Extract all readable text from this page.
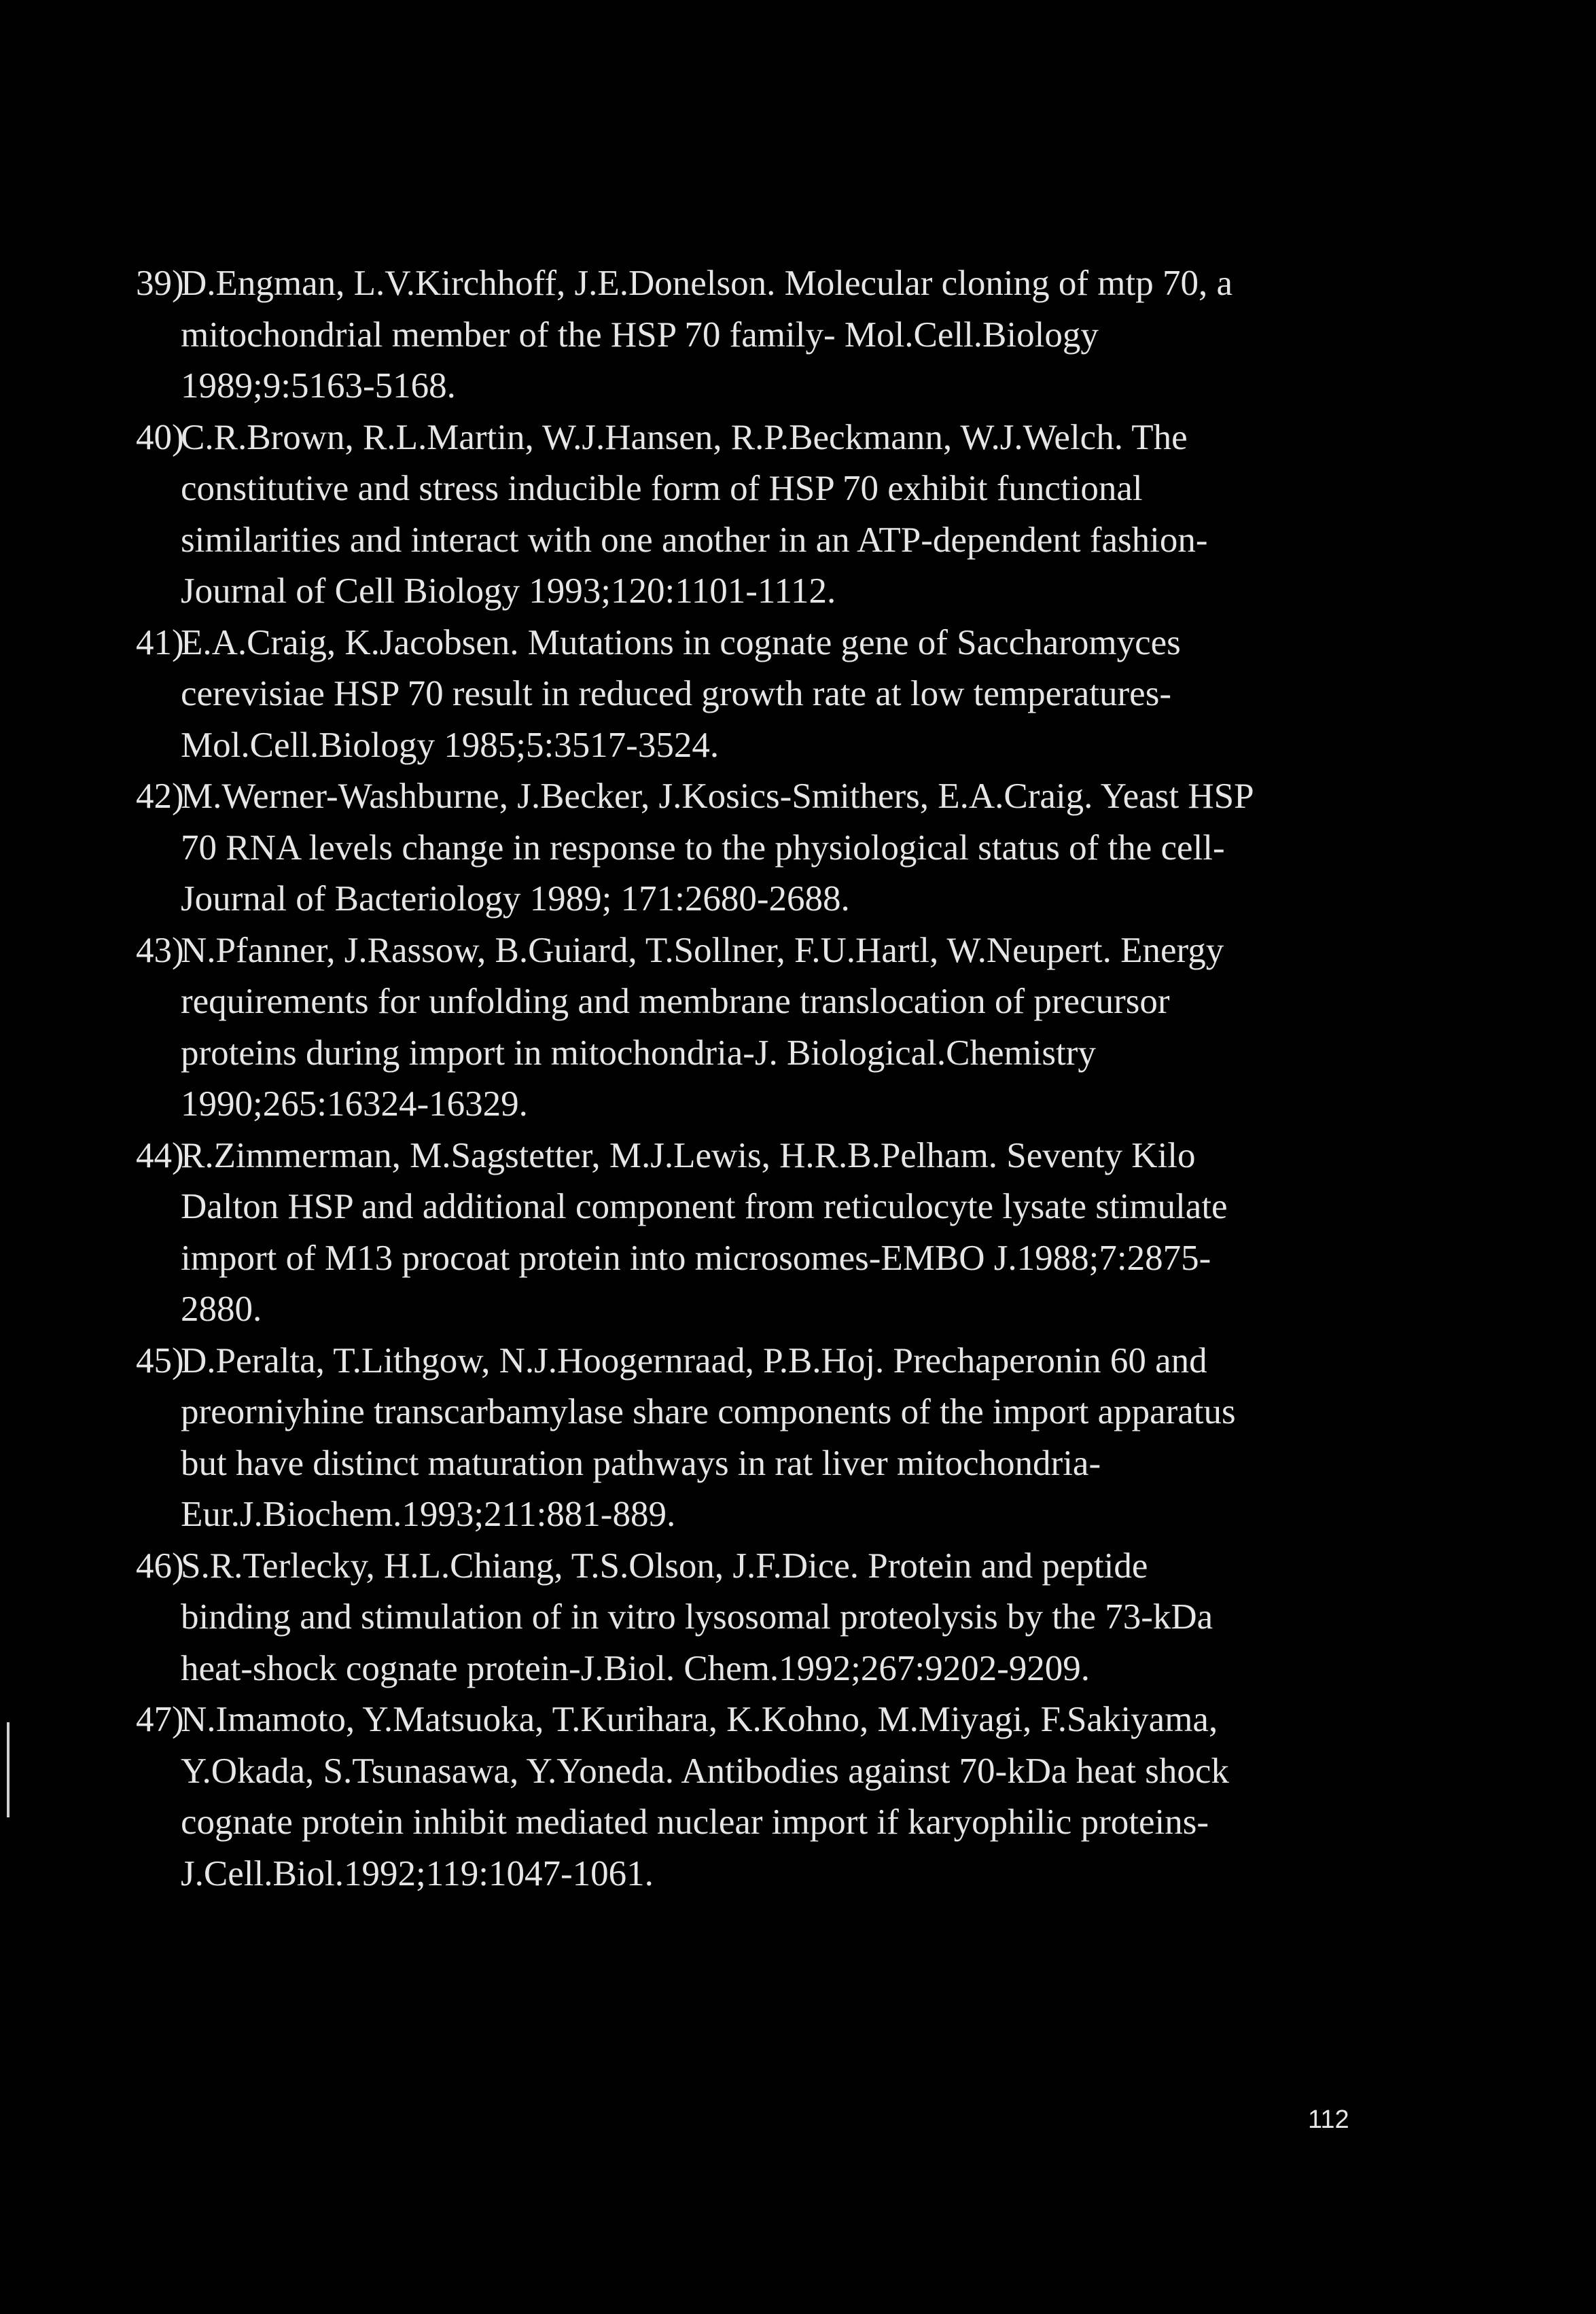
39)
D.Engman, L.V.Kirchhoff, J.E.Donelson. Molecular cloning of mtp 70, a
mitochondrial member of the HSP 70 family- Mol.Cell.Biology
1989;9:5163-5168.
40)
C.R.Brown, R.L.Martin, W.J.Hansen, R.P.Beckmann, W.J.Welch. The
constitutive and stress inducible form of HSP 70 exhibit functional
similarities and interact with one another in an ATP-dependent fashion-
Journal of Cell Biology 1993;120:1101-1112.
41)
E.A.Craig, K.Jacobsen. Mutations in cognate gene of Saccharomyces
cerevisiae HSP 70 result in reduced growth rate at low temperatures-
Mol.Cell.Biology 1985;5:3517-3524.
42)
M.Werner-Washburne, J.Becker, J.Kosics-Smithers, E.A.Craig. Yeast HSP
70 RNA levels change in response to the physiological status of the cell-
Journal of Bacteriology 1989; 171:2680-2688.
43)
N.Pfanner, J.Rassow, B.Guiard, T.Sollner, F.U.Hartl, W.Neupert. Energy
requirements for unfolding and membrane translocation of precursor
proteins during import in mitochondria-J. Biological.Chemistry
1990;265:16324-16329.
44)
R.Zimmerman, M.Sagstetter, M.J.Lewis, H.R.B.Pelham. Seventy Kilo
Dalton HSP and additional component from reticulocyte lysate stimulate
import of M13 procoat protein into microsomes-EMBO J.1988;7:2875-
2880.
45)
D.Peralta, T.Lithgow, N.J.Hoogernraad, P.B.Hoj. Prechaperonin 60 and
preorniyhine transcarbamylase share components of the import apparatus
but have distinct maturation pathways in rat liver mitochondria-
Eur.J.Biochem.1993;211:881-889.
46)
S.R.Terlecky, H.L.Chiang, T.S.Olson, J.F.Dice. Protein and peptide
binding and stimulation of in vitro lysosomal proteolysis by the 73-kDa
heat-shock cognate protein-J.Biol. Chem.1992;267:9202-9209.
47)
N.Imamoto, Y.Matsuoka, T.Kurihara, K.Kohno, M.Miyagi, F.Sakiyama,
Y.Okada, S.Tsunasawa, Y.Yoneda. Antibodies against 70-kDa heat shock
cognate protein inhibit mediated nuclear import if karyophilic proteins-
J.Cell.Biol.1992;119:1047-1061.
112
